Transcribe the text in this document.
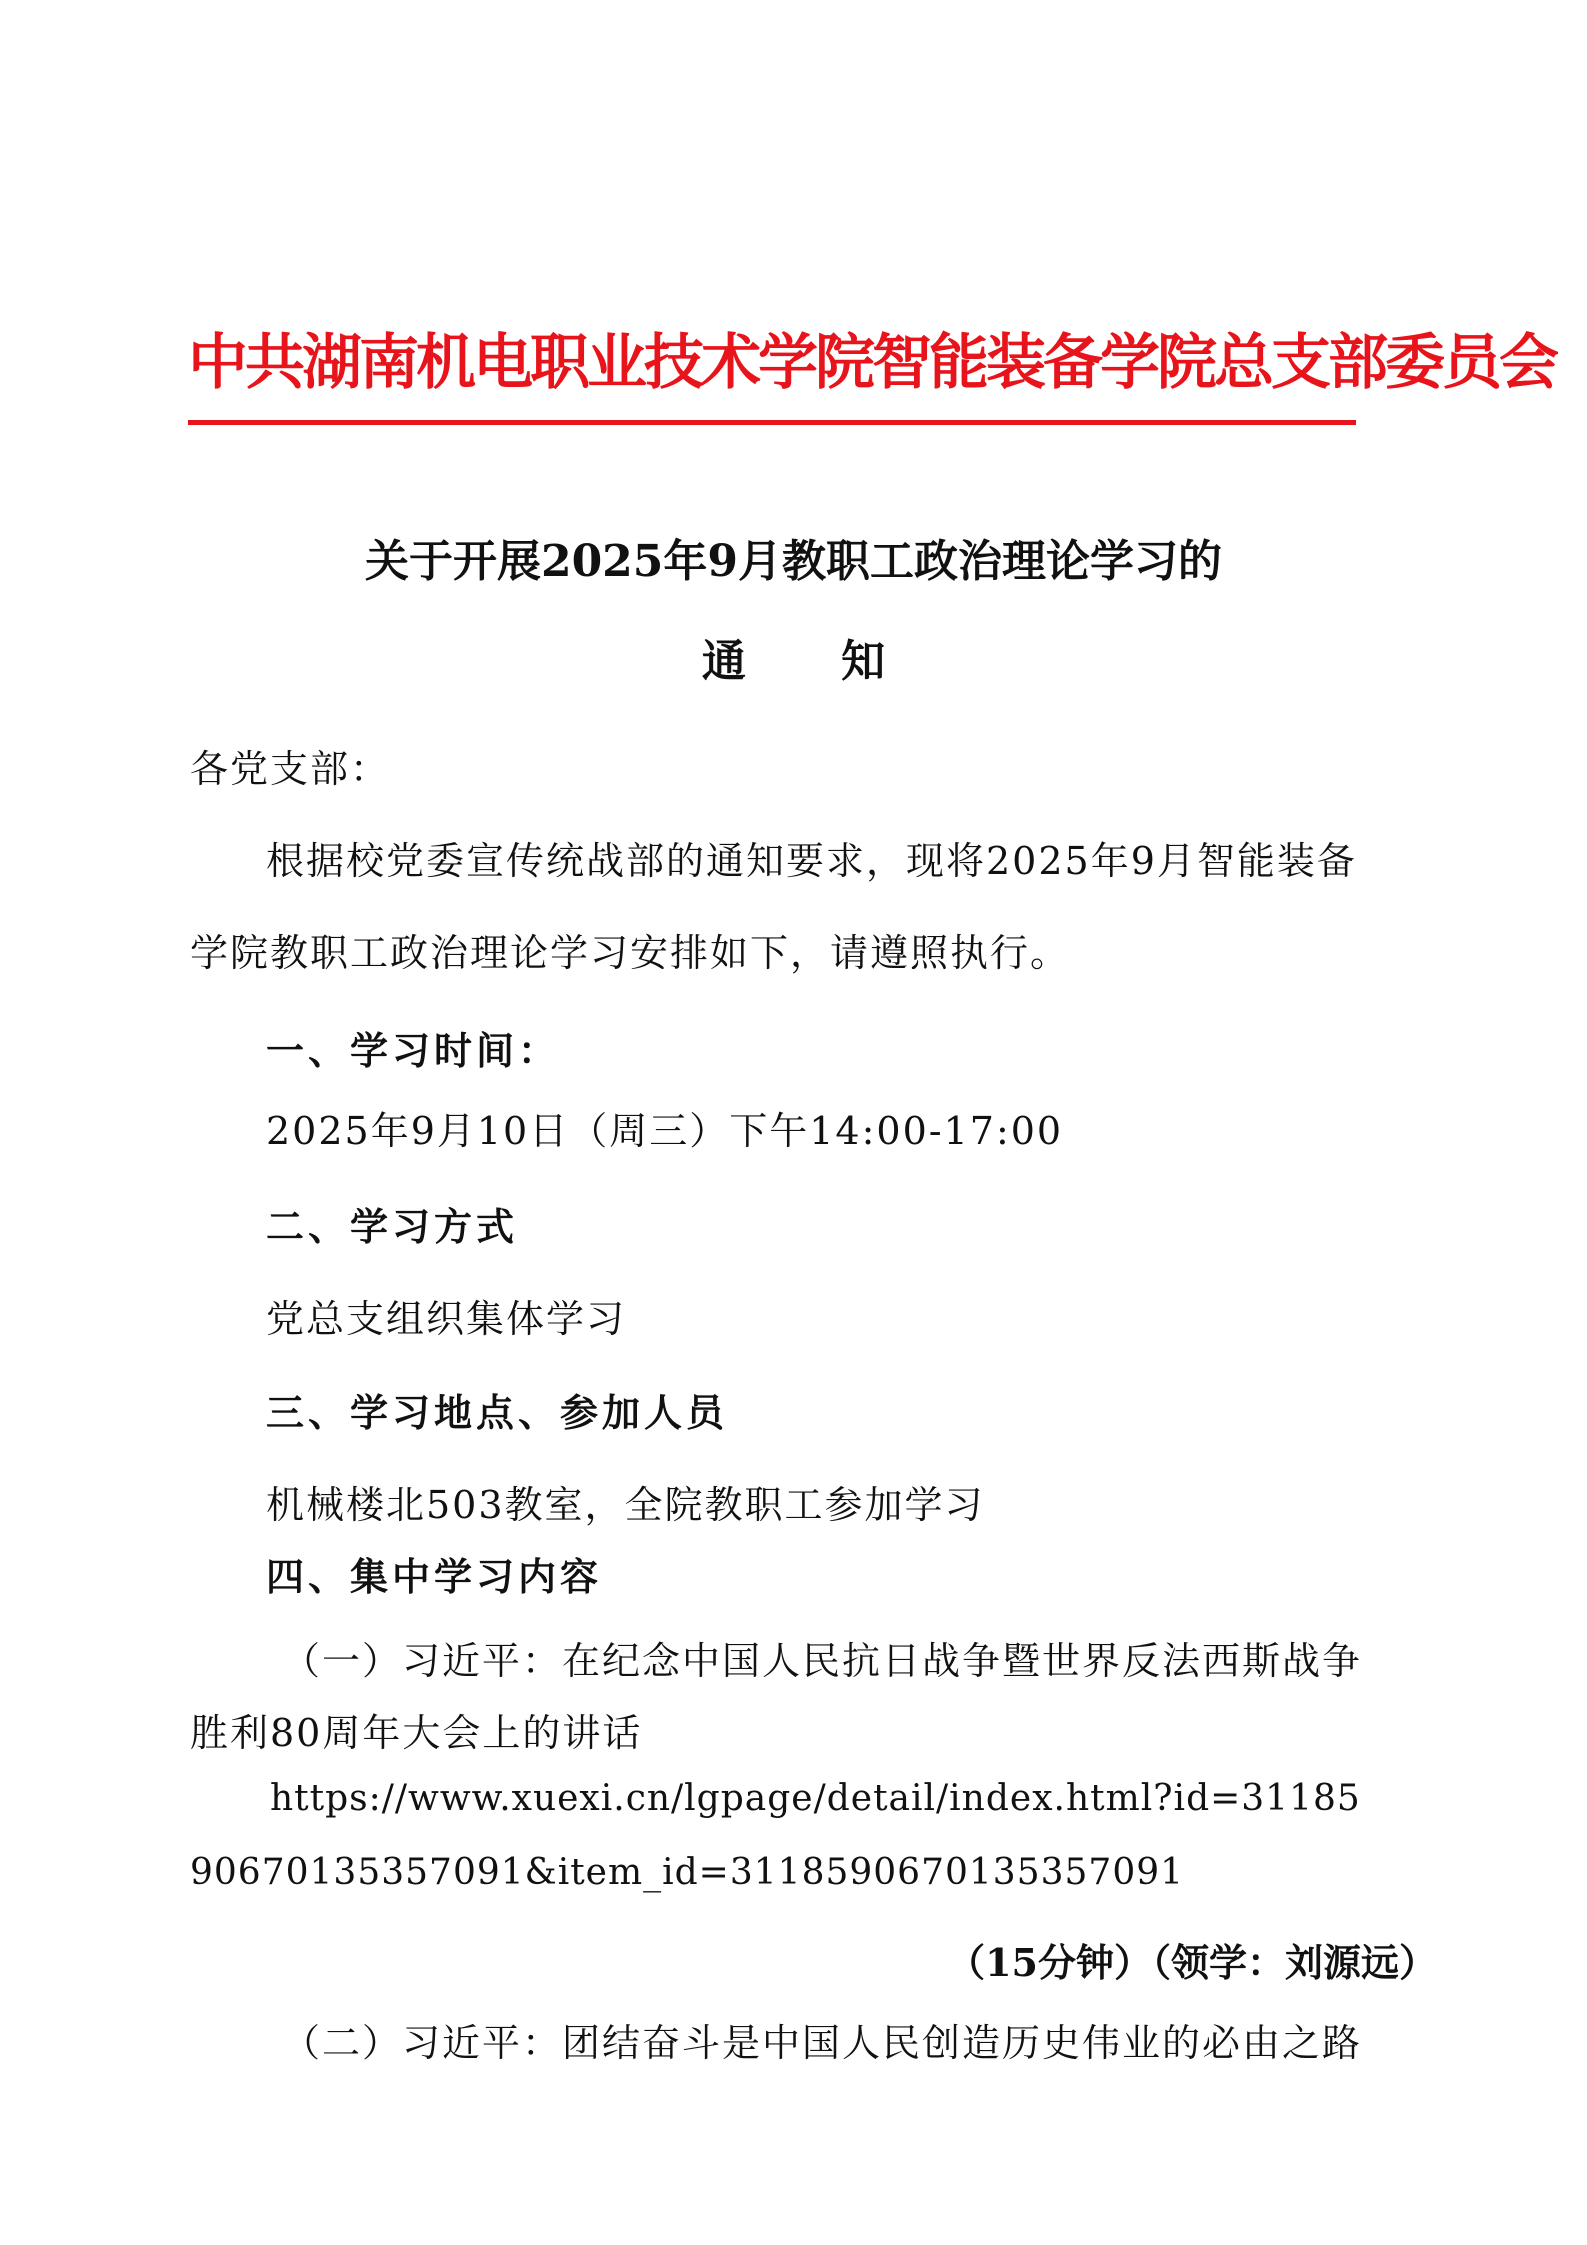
中共湖南机电职业技术学院智能装备学院总支部委员会
关于开展2025年9月教职工政治理论学习的
通 知
各党支部：
根据校党委宣传统战部的通知要求，现将2025年9月智能装备
学院教职工政治理论学习安排如下，请遵照执行。
一、学习时间：
2025年9月10日（周三）下午14:00-17:00
二、学习方式
党总支组织集体学习
三、学习地点、参加人员
机械楼北503教室，全院教职工参加学习
四、集中学习内容
（一）习近平：在纪念中国人民抗日战争暨世界反法西斯战争
胜利80周年大会上的讲话
https://www.xuexi.cn/lgpage/detail/index.html?id=31185
90670135357091&item_id=3118590670135357091
（15分钟）（领学：刘源远）
（二）习近平：团结奋斗是中国人民创造历史伟业的必由之路
